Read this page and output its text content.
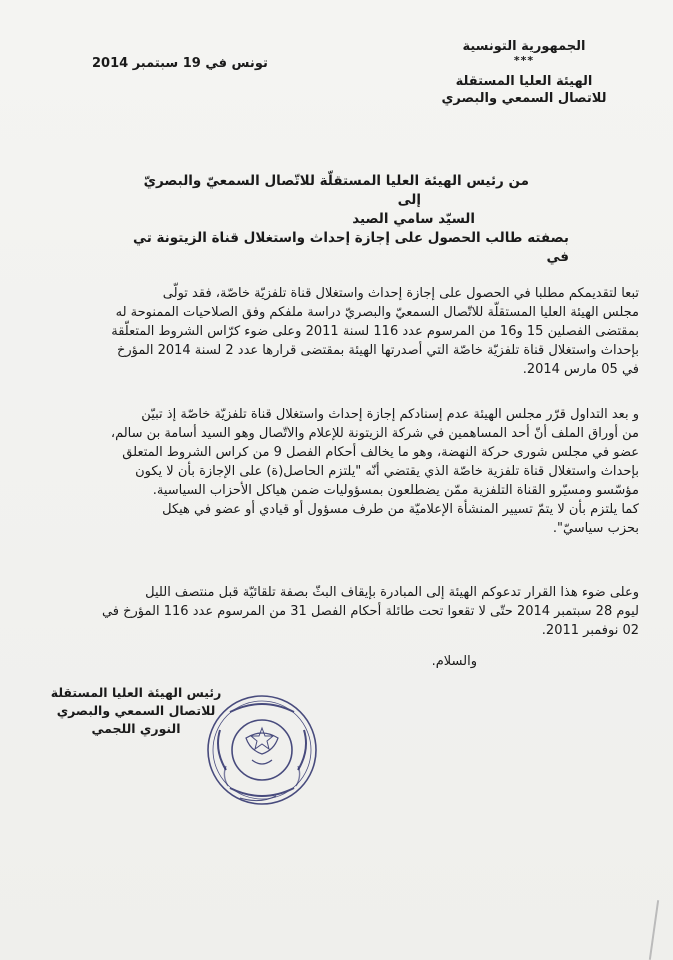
الجمهورية التونسية
***
الهيئة العليا المستقلة
للاتصال السمعي والبصري
تونس في 19 سبتمبر 2014
من رئيس الهيئة العليا المستقلّة للاتّصال السمعيّ والبصريّ
إلى
السيّد سامي الصيد
بصفته طالب الحصول على إجازة إحداث واستغلال قناة الزيتونة تي في
تبعا لتقديمكم مطلبا في الحصول على إجازة إحداث واستغلال قناة تلفزيّة خاصّة، فقد تولّى
مجلس الهيئة العليا المستقلّة للاتّصال السمعيّ والبصريّ دراسة ملفكم وفق الصلاحيات الممنوحة له
بمقتضى الفصلين 15 و16 من المرسوم عدد 116 لسنة 2011 وعلى ضوء كرّاس الشروط المتعلّقة
بإحداث واستغلال قناة تلفزيّة خاصّة التي أصدرتها الهيئة بمقتضى قرارها عدد 2 لسنة 2014 المؤرخ
في 05 مارس 2014.
و بعد التداول قرّر مجلس الهيئة عدم إسنادكم إجازة إحداث واستغلال قناة تلفزيّة خاصّة إذ تبيّن
من أوراق الملف أنّ أحد المساهمين في شركة الزيتونة للإعلام والاتّصال وهو السيد أسامة بن سالم،
عضو في مجلس شورى حركة النهضة، وهو ما يخالف أحكام الفصل 9 من كراس الشروط المتعلق
بإحداث واستغلال قناة تلفزية خاصّة الذي يقتضي أنّه "يلتزم الحاصل(ة) على الإجازة بأن لا يكون
مؤسّسو ومسيّرو القناة التلفزية ممّن يضطلعون بمسؤوليات ضمن هياكل الأحزاب السياسية.
كما يلتزم بأن لا يتمّ تسيير المنشأة الإعلاميّة من طرف مسؤول أو قيادي أو عضو في هيكل
بحزب سياسيّ".
وعلى ضوء هذا القرار تدعوكم الهيئة إلى المبادرة بإيقاف البثّ بصفة تلقائيّة قبل منتصف الليل
ليوم 28 سبتمبر 2014 حتّى لا تقعوا تحت طائلة أحكام الفصل 31 من المرسوم عدد 116 المؤرخ في
02 نوفمبر 2011.
والسلام.
رئيس الهيئة العليا المستقلة
للاتصال السمعي والبصري
النوري اللجمي
